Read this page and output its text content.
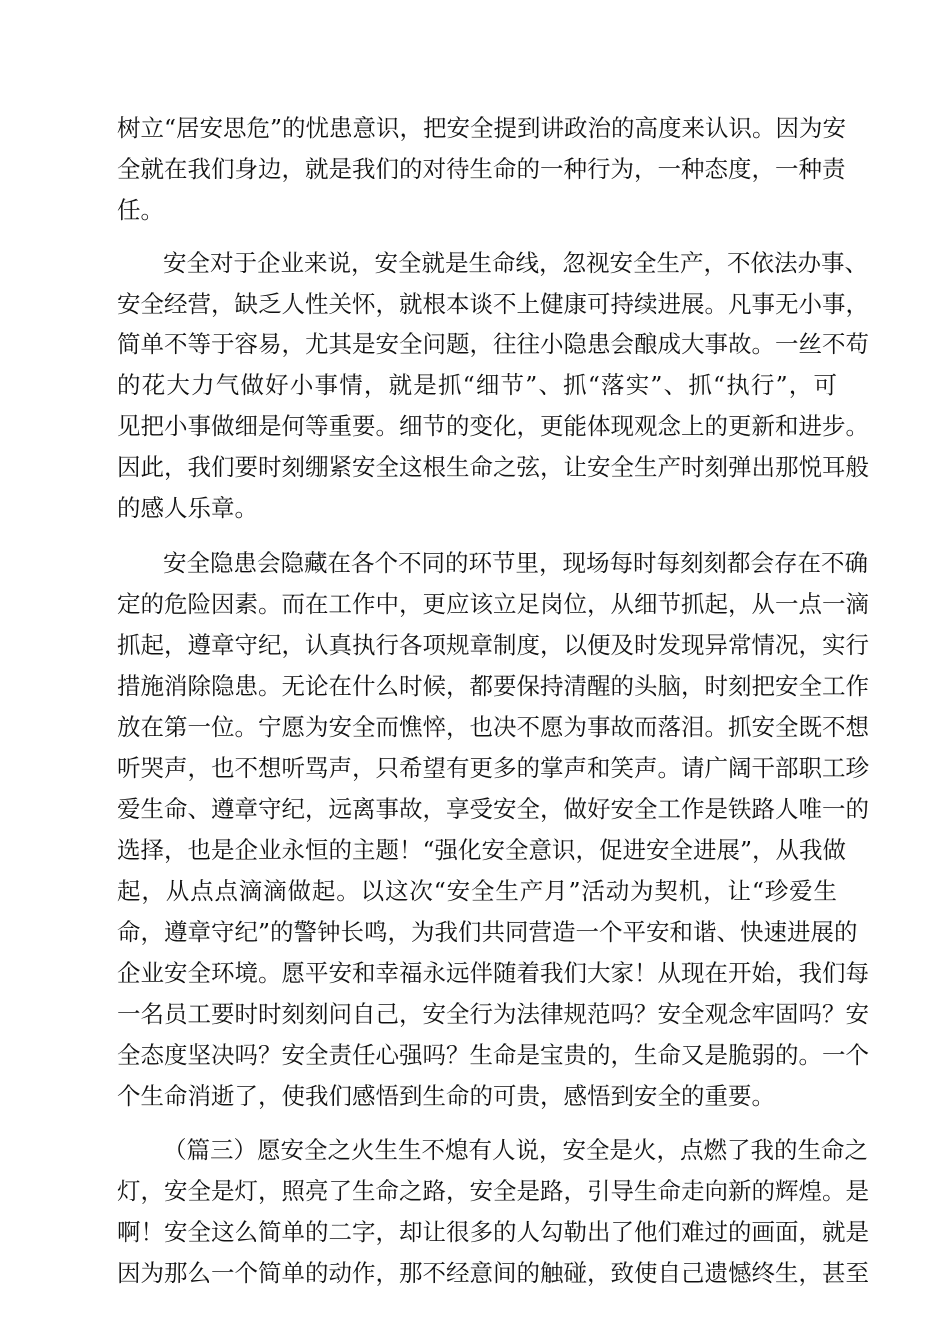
树立“居安思危”的忧患意识，把安全提到讲政治的高度来认识。因为安
全就在我们身边，就是我们的对待生命的一种行为，一种态度，一种责
任。
安全对于企业来说，安全就是生命线，忽视安全生产，不依法办事、
安全经营，缺乏人性关怀，就根本谈不上健康可持续进展。凡事无小事，
简单不等于容易，尤其是安全问题，往往小隐患会酿成大事故。一丝不苟
的花大力气做好小事情，就是抓“细节”、抓“落实”、抓“执行”，可
见把小事做细是何等重要。细节的变化，更能体现观念上的更新和进步。
因此，我们要时刻绷紧安全这根生命之弦，让安全生产时刻弹出那悦耳般
的感人乐章。
安全隐患会隐藏在各个不同的环节里，现场每时每刻刻都会存在不确
定的危险因素。而在工作中，更应该立足岗位，从细节抓起，从一点一滴
抓起，遵章守纪，认真执行各项规章制度，以便及时发现异常情况，实行
措施消除隐患。无论在什么时候，都要保持清醒的头脑，时刻把安全工作
放在第一位。宁愿为安全而憔悴，也决不愿为事故而落泪。抓安全既不想
听哭声，也不想听骂声，只希望有更多的掌声和笑声。请广阔干部职工珍
爱生命、遵章守纪，远离事故，享受安全，做好安全工作是铁路人唯一的
选择，也是企业永恒的主题！“强化安全意识，促进安全进展”，从我做
起，从点点滴滴做起。以这次“安全生产月”活动为契机，让“珍爱生
命，遵章守纪”的警钟长鸣，为我们共同营造一个平安和谐、快速进展的
企业安全环境。愿平安和幸福永远伴随着我们大家！从现在开始，我们每
一名员工要时时刻刻问自己，安全行为法律规范吗？安全观念牢固吗？安
全态度坚决吗？安全责任心强吗？生命是宝贵的，生命又是脆弱的。一个
个生命消逝了，使我们感悟到生命的可贵，感悟到安全的重要。
（篇三）愿安全之火生生不熄有人说，安全是火，点燃了我的生命之
灯，安全是灯，照亮了生命之路，安全是路，引导生命走向新的辉煌。是
啊！安全这么简单的二字，却让很多的人勾勒出了他们难过的画面，就是
因为那么一个简单的动作，那不经意间的触碰，致使自己遗憾终生，甚至
